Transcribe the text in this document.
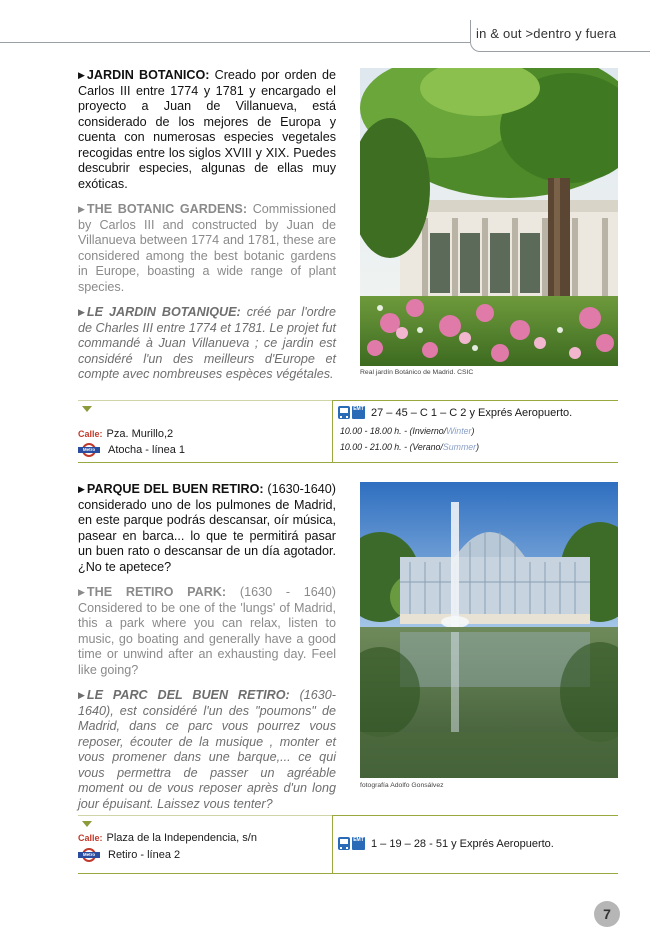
in & out >dentro y fuera

▶ JARDIN BOTANICO: Creado por orden de Carlos III entre 1774 y 1781 y encargado el proyecto a Juan de Villanueva, está considerado de los mejores de Europa y cuenta con numerosas especies vegetales recogidas entre los siglos XVIII y XIX. Puedes descubrir especies, algunas de ellas muy exóticas.

▶ THE BOTANIC GARDENS: Commissioned by Carlos III and constructed by Juan de Villanueva between 1774 and 1781, these are considered among the best botanic gardens in Europe, boasting a wide range of plant species.

▶ LE JARDIN BOTANIQUE: créé par l'ordre de Charles III entre 1774 et 1781. Le projet fut commandé à Juan Villanueva ; ce jardin est considéré l'un des meilleurs d'Europe et compte avec nombreuses espèces végétales.	Real jardín Botánico de Madrid. CSIC
Calle: Pza. Murillo,2
Metro	Atocha - línea 1
EMT 27 – 45 – C 1 – C 2 y Exprés Aeropuerto.
10.00 - 18.00 h. - (Invierno/Winter)
10.00 - 21.00 h. - (Verano/Summer)

▶ PARQUE DEL BUEN RETIRO: (1630-1640) considerado uno de los pulmones de Madrid, en este parque podrás descansar, oír música, pasear en barca... lo que te permitirá pasar un buen rato o descansar de un día agotador. ¿No te apetece?

▶ THE RETIRO PARK: (1630 - 1640) Considered to be one of the 'lungs' of Madrid, this a park where you can relax, listen to music, go boating and generally have a good time or unwind after an exhausting day. Feel like going?

▶ LE PARC DEL BUEN RETIRO: (1630-1640), est considéré l'un des "poumons" de Madrid, dans ce parc vous pourrez vous reposer, écouter de la musique , monter et vous promener dans une barque,... ce qui vous permettra de passer un agréable moment ou de vous reposer après d'un long jour épuisant. Laissez vous tenter?

fotografía Adolfo Gonsálvez
Calle: Plaza de la Independencia, s/n
Metro	Retiro - línea 2
EMT 1 – 19 – 28 - 51 y Exprés Aeropuerto.
7
